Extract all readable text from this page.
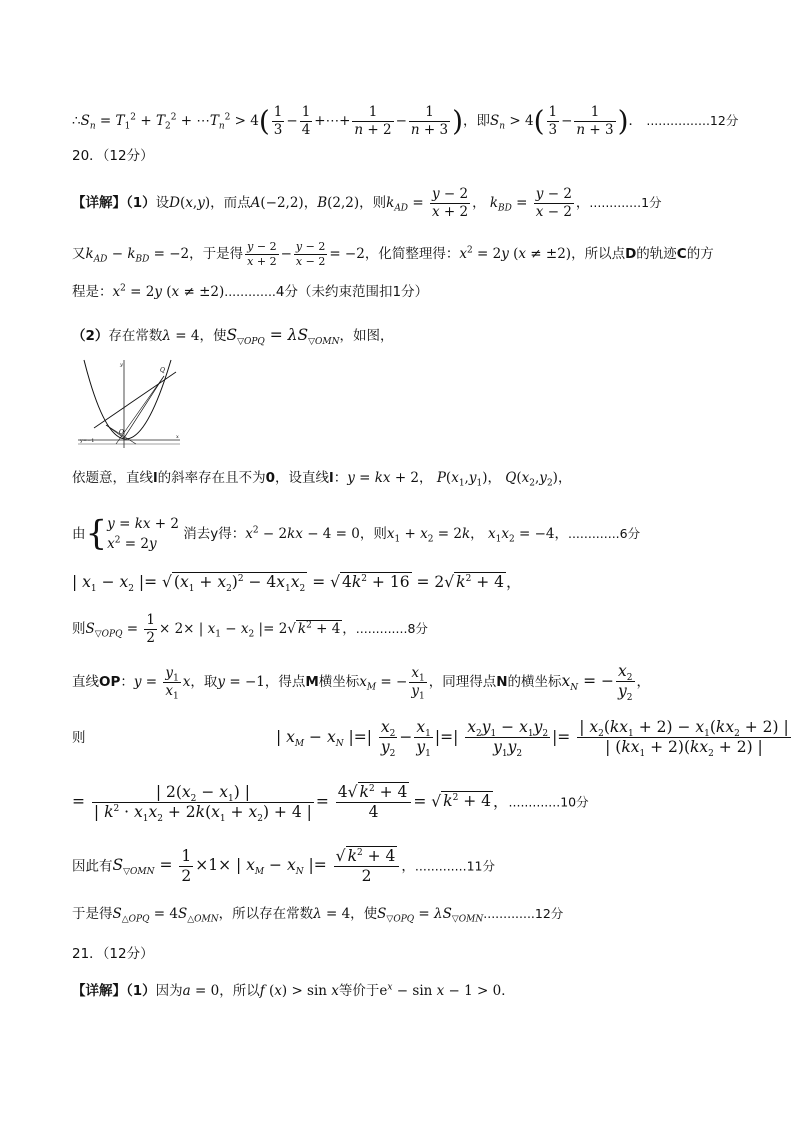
$\therefore S_n = T_1^2 + T_2^2$ + $\cdots T_n^2 > 4( \frac{1}{3} - \frac{1}{4}$ +⋯+ $\frac{1}{n + 2} - \frac{1}{n + 3}$ )，即$S_n > 4( \frac{1}{3} - \frac{1}{n + 3}$ )． ................12分
20．（12分）
【详解】（1）设D(x,y)，而点A(−2,2)，B(2,2)，则$k_{AD} = \frac{y - 2}{x + 2}$ ， $k_{BD} = \frac{y - 2}{x - 2}$ ，.............1分
又$k_{AD} - k_{BD} = -2$，于是得 $\frac{y - 2}{x + 2} - \frac{y - 2}{x - 2} = -2$，化简整理得：$x^2 = 2y$ (x ≠ ±2)，所以点D的轨迹C的方
程是：$x^2 = 2y$ (x ≠ ±2).............4分（未约束范围扣1分）
（2）存在常数λ = 4，使$S_{▽OPQ} = \lambda S_{▽OMN}$，如图，
Q
O
y=−1
y
x
依题意，直线l的斜率存在且不为0，设直线l：y = kx + 2， $P(x_1,y_1)$， $Q(x_2,y_2)$，
由{ y = kx + 2
$x^2 = 2y$
消去y得：$x^2 - 2kx - 4 = 0$，则$x_1 + x_2 = 2k$， $x_1x_2 = -4$，.............6分
| $x_1 - x_2$ |= √ $(x_1 + x_2)^2 - 4x_1x_2$ = √ $4k^2 + 16 = 2√$ $k^2 + 4$ ，
则$S_{▽OPQ} = \frac{1}{2} \times 2\times$ | $x_1 - x_2$ |= 2√ $k^2 + 4$ ，.............8分
直线OP：$y = \frac{y_1}{x_1}$ x，取y = −1，得点M横坐标$x_M$ = − $\frac{x_1}{y_1}$ ，同理得点N的横坐标$x_N$ = − $\frac{x_2}{y_2}$ ，
则	| $x_M - x_N$ |=| $\frac{x_2}{y_2} - \frac{x_1}{y_1}$ |=| $\frac{x_2y_1 - x_1y_2}{y_1y_2}$ |= $\frac{| x_2(kx_1 + 2) - x_1(kx_2 + 2) |}{| (kx_1 + 2)(kx_2 + 2) |}$
= $\frac{| 2(x_2 - x_1) |}{| k^2 \cdot x_1x_2 + 2k(x_1 + x_2) + 4 |} = \frac{4√ k^2 + 4}{4}$ = √ $k^2 + 4$ ，.............10分
因此有$S_{▽OMN} = \frac{1}{2} \times 1\times$ | $x_M - x_N$ |= $\frac{√ k^2 + 4}{2}$ ，.............11分
于是得$S_{\triangle OPQ} = 4S_{\triangle OMN}$，所以存在常数λ = 4，使$S_{▽OPQ} = \lambda S_{▽OMN}.............12$分
21．（12分）
【详解】（1）因为a = 0，所以f (x) > sin x等价于$e^x - \sin x - 1 > 0$．
